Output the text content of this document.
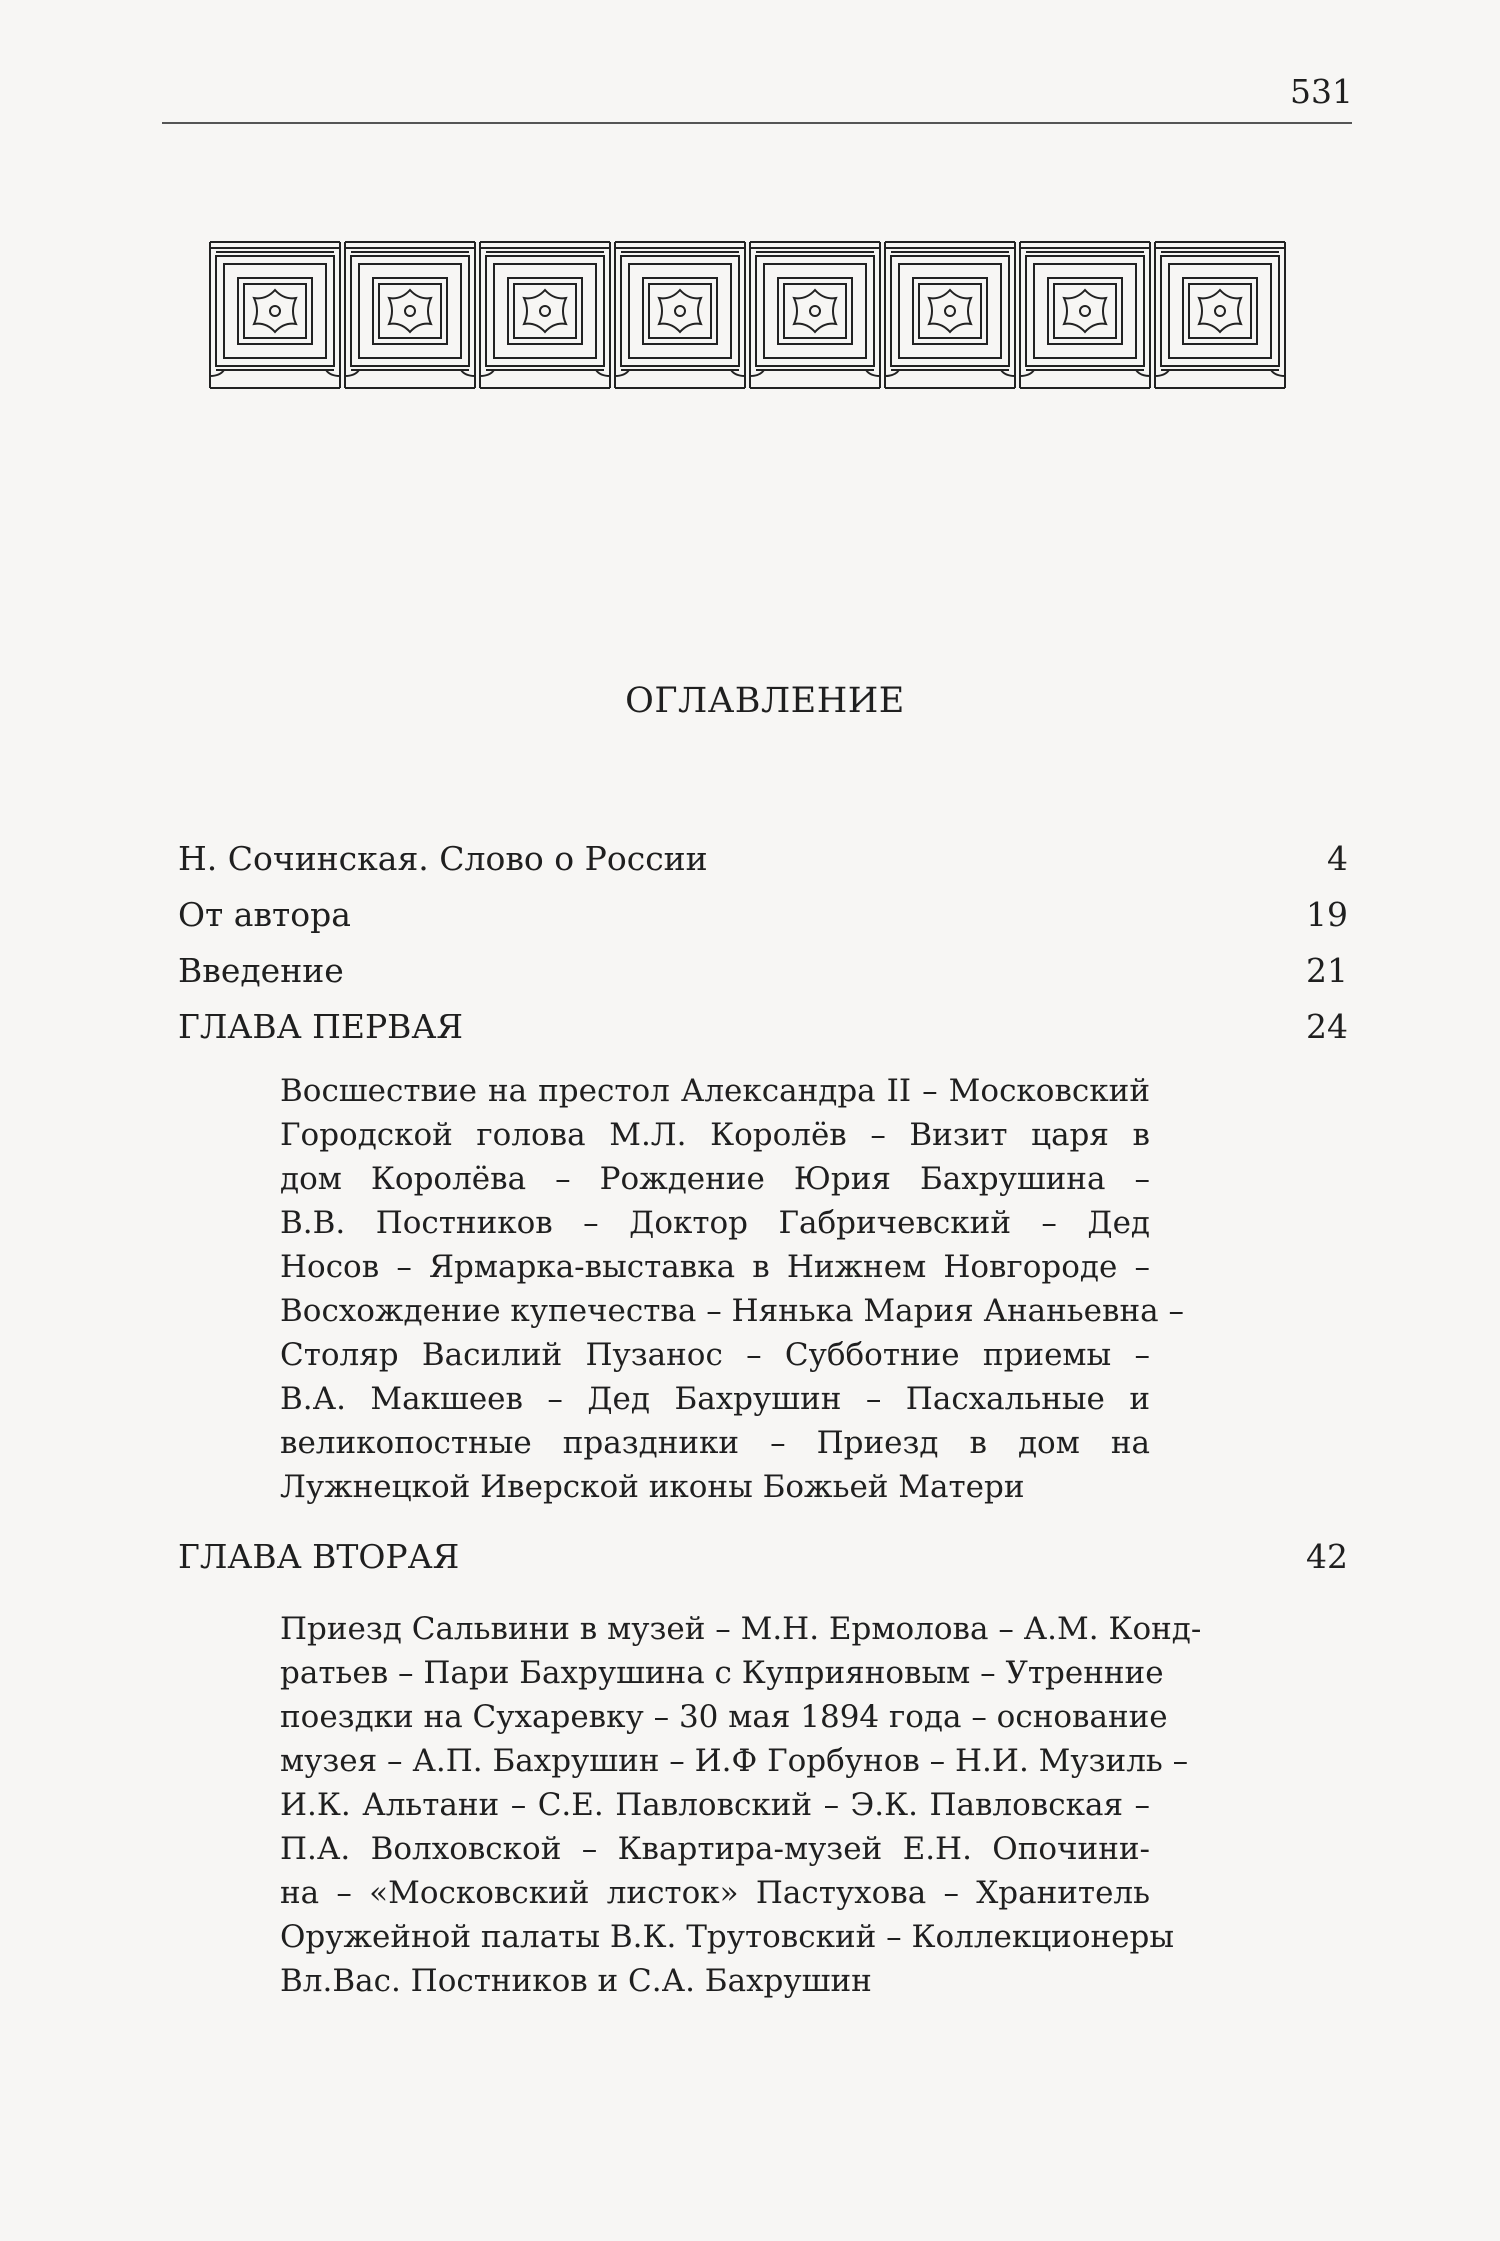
531
ОГЛАВЛЕНИЕ
Н. Сочинская. Слово о России	4
От автора	19
Введение	21
ГЛАВА ПЕРВАЯ	24

Восшествие на престол Александра II – Московский
Городской голова М.Л. Королёв – Визит царя в
дом Королёва – Рождение Юрия Бахрушина –
В.В. Постников – Доктор Габричевский – Дед
Носов – Ярмарка-выставка в Нижнем Новгороде –
Восхождение купечества – Нянька Мария Ананьевна –
Столяр Василий Пузанос – Субботние приемы –
В.А. Макшеев – Дед Бахрушин – Пасхальные и
великопостные праздники – Приезд в дом на
Лужнецкой Иверской иконы Божьей Матери

ГЛАВА ВТОРАЯ	42

Приезд Сальвини в музей – М.Н. Ермолова – А.М. Конд-
ратьев – Пари Бахрушина с Куприяновым – Утренние
поездки на Сухаревку – 30 мая 1894 года – основание
музея – А.П. Бахрушин – И.Ф Горбунов – Н.И. Музиль –
И.К. Альтани – С.Е. Павловский – Э.К. Павловская –
П.А. Волховской – Квартира-музей Е.Н. Опочини-
на – «Московский листок» Пастухова – Хранитель
Оружейной палаты В.К. Трутовский – Коллекционеры
Вл.Вас. Постников и С.А. Бахрушин
